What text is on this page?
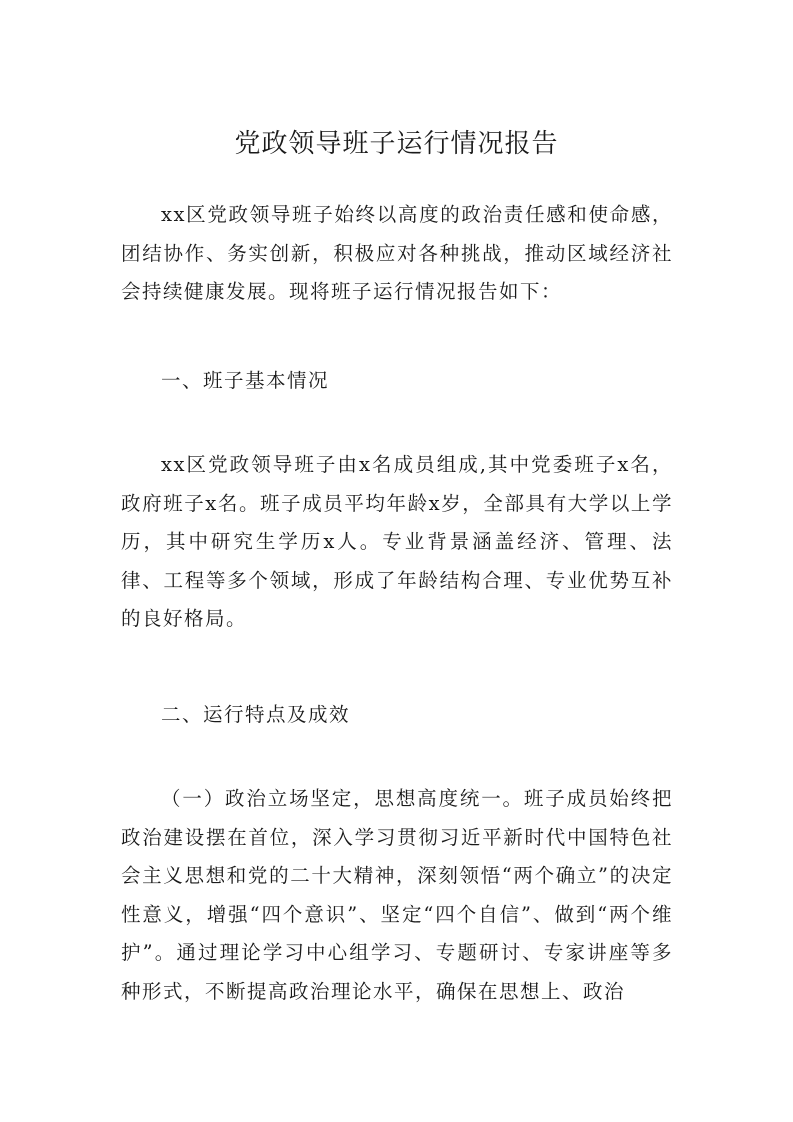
党政领导班子运行情况报告

xx区党政领导班子始终以高度的政治责任感和使命感，团结协作、务实创新，积极应对各种挑战，推动区域经济社会持续健康发展。现将班子运行情况报告如下：

一、班子基本情况

xx区党政领导班子由x名成员组成,其中党委班子x名，政府班子x名。班子成员平均年龄x岁，全部具有大学以上学历，其中研究生学历x人。专业背景涵盖经济、管理、法律、工程等多个领域，形成了年龄结构合理、专业优势互补的良好格局。

二、运行特点及成效

（一）政治立场坚定，思想高度统一。班子成员始终把政治建设摆在首位，深入学习贯彻习近平新时代中国特色社会主义思想和党的二十大精神，深刻领悟“两个确立”的决定性意义，增强“四个意识”、坚定“四个自信”、做到“两个维护”。通过理论学习中心组学习、专题研讨、专家讲座等多种形式，不断提高政治理论水平，确保在思想上、政治
